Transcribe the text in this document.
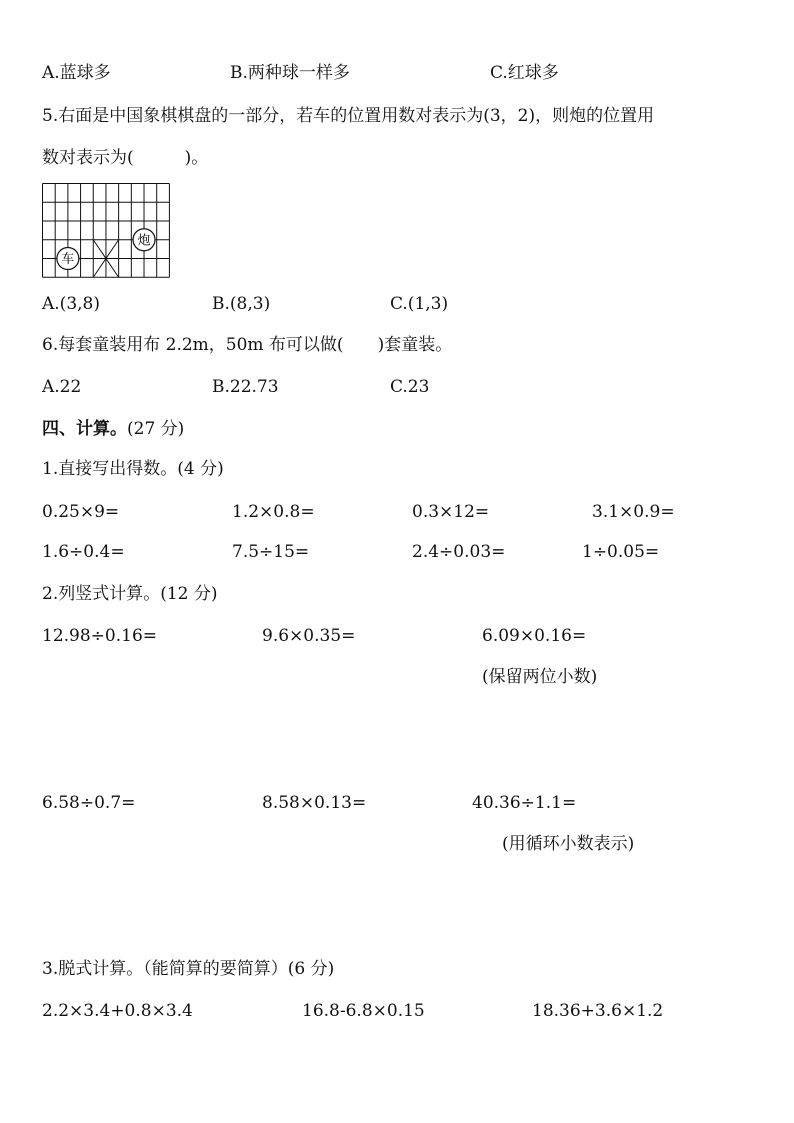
A.蓝球多	B.两种球一样多	C.红球多
5.右面是中国象棋棋盘的一部分，若车的位置用数对表示为(3，2)，则炮的位置用
数对表示为(　　　)。
车
炮
A.(3,8)	B.(8,3)	C.(1,3)
6.每套童装用布 2.2m，50m 布可以做(　　)套童装。
A.22	B.22.73	C.23
四、计算。(27 分)
1.直接写出得数。(4 分)
0.25×9=	1.2×0.8=	0.3×12=	3.1×0.9=
1.6÷0.4=	7.5÷15=	2.4÷0.03=	1÷0.05=
2.列竖式计算。(12 分)
12.98÷0.16=	9.6×0.35=	6.09×0.16=
(保留两位小数)
6.58÷0.7=	8.58×0.13=	40.36÷1.1=
(用循环小数表示)
3.脱式计算。（能简算的要简算）(6 分)
2.2×3.4+0.8×3.4	16.8-6.8×0.15	18.36+3.6×1.2
